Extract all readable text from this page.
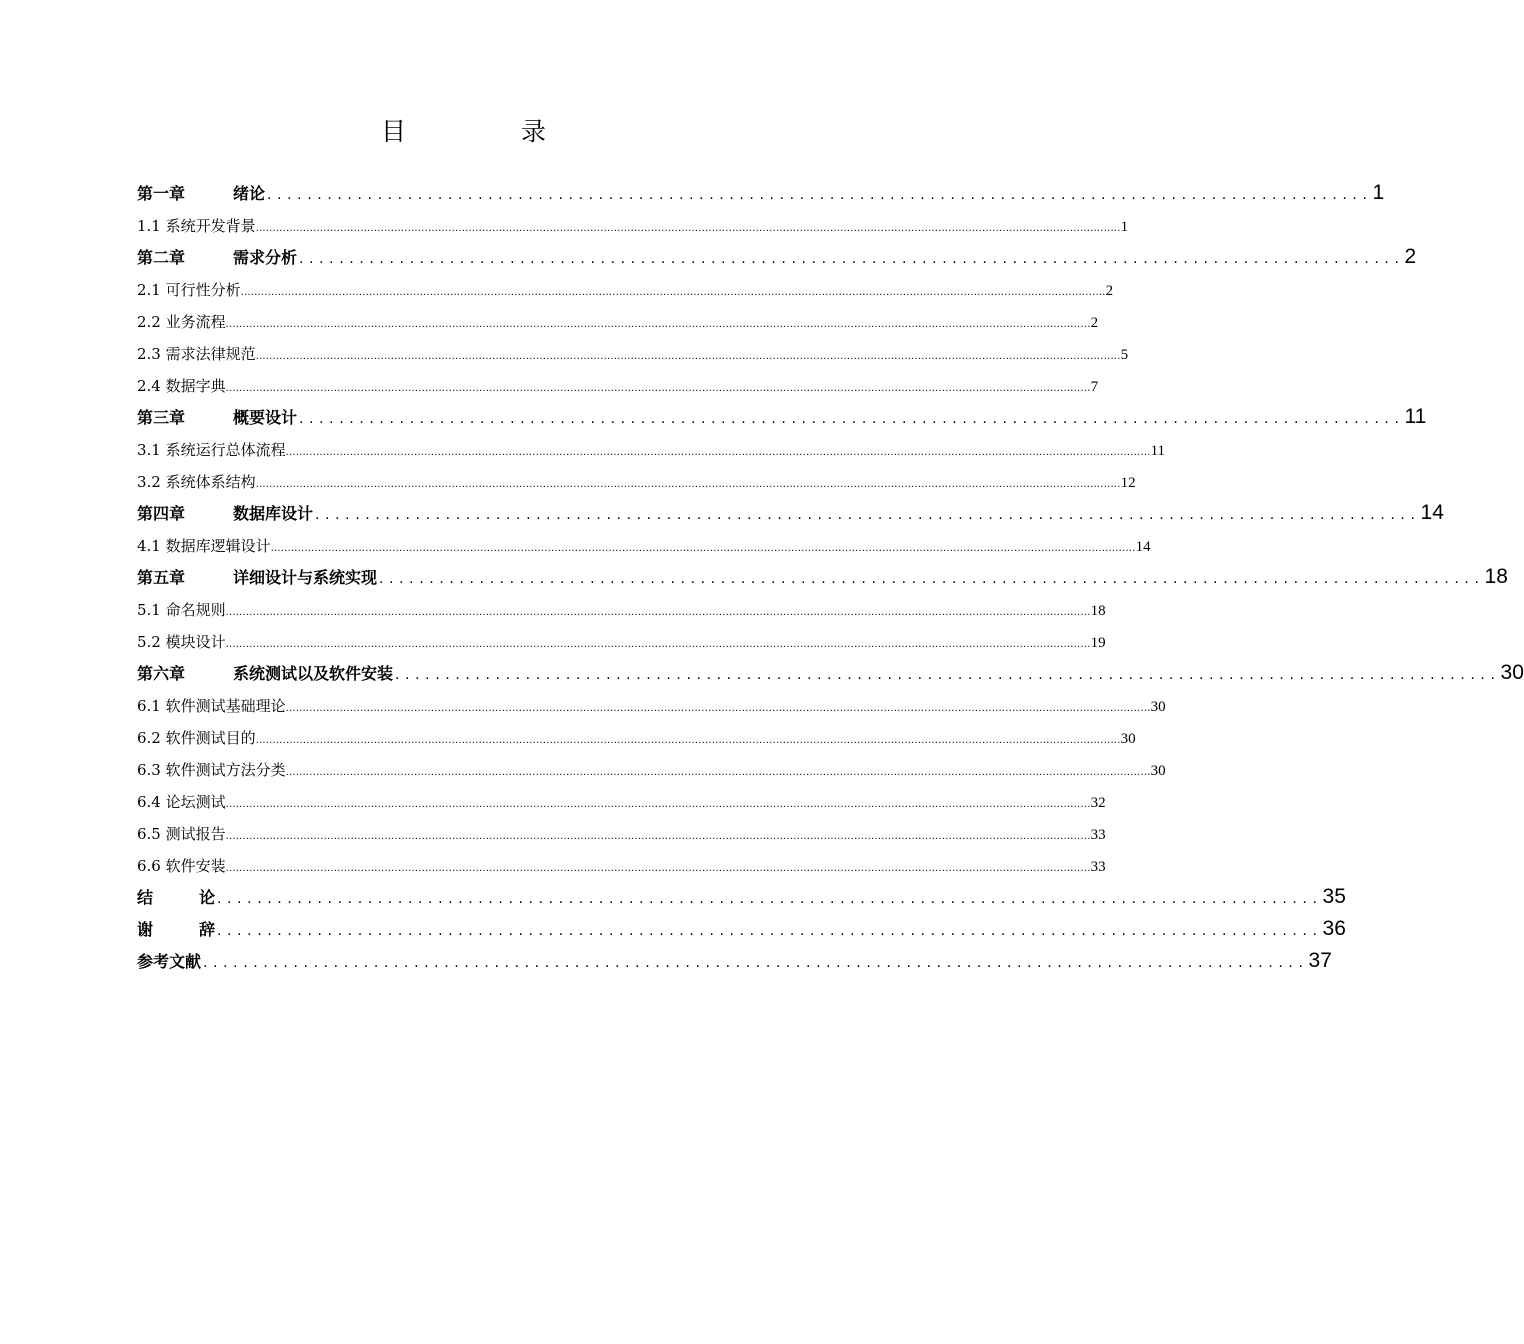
目　录
第一章	绪论 .............................................................................................................. 1
1.1 系统开发背景 ................................................................................................................................................................................................................................................................ 1
第二章	需求分析 .............................................................................................................. 2
2.1 可行性分析 ................................................................................................................................................................................................................................................................ 2
2.2 业务流程 ................................................................................................................................................................................................................................................................ 2
2.3 需求法律规范 ................................................................................................................................................................................................................................................................ 5
2.4 数据字典 ................................................................................................................................................................................................................................................................ 7
第三章	概要设计 .............................................................................................................. 11
3.1 系统运行总体流程 ................................................................................................................................................................................................................................................................ 11
3.2 系统体系结构 ................................................................................................................................................................................................................................................................ 12
第四章	数据库设计 .............................................................................................................. 14
4.1 数据库逻辑设计 ................................................................................................................................................................................................................................................................ 14
第五章	详细设计与系统实现 .............................................................................................................. 18
5.1 命名规则 ................................................................................................................................................................................................................................................................ 18
5.2 模块设计 ................................................................................................................................................................................................................................................................ 19
第六章	系统测试以及软件安装 .............................................................................................................. 30
6.1 软件测试基础理论 ................................................................................................................................................................................................................................................................ 30
6.2 软件测试目的 ................................................................................................................................................................................................................................................................ 30
6.3 软件测试方法分类 ................................................................................................................................................................................................................................................................ 30
6.4 论坛测试 ................................................................................................................................................................................................................................................................ 32
6.5 测试报告 ................................................................................................................................................................................................................................................................ 33
6.6 软件安装 ................................................................................................................................................................................................................................................................ 33
结论 .............................................................................................................. 35
谢辞 .............................................................................................................. 36
参考文献 .............................................................................................................. 37
